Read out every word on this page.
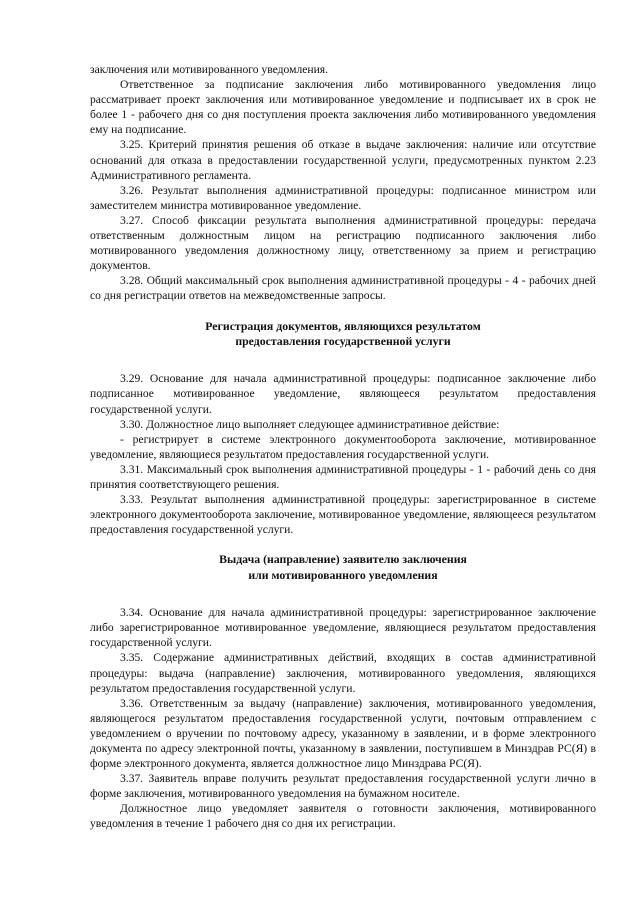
заключения или мотивированного уведомления.

Ответственное за подписание заключения либо мотивированного уведомления лицо рассматривает проект заключения или мотивированное уведомление и подписывает их в срок не более 1 - рабочего дня со дня поступления проекта заключения либо мотивированного уведомления ему на подписание.

3.25. Критерий принятия решения об отказе в выдаче заключения: наличие или отсутствие оснований для отказа в предоставлении государственной услуги, предусмотренных пунктом 2.23 Административного регламента.

3.26. Результат выполнения административной процедуры: подписанное министром или заместителем министра мотивированное уведомление.

3.27. Способ фиксации результата выполнения административной процедуры: передача ответственным должностным лицом на регистрацию подписанного заключения либо мотивированного уведомления должностному лицу, ответственному за прием и регистрацию документов.

3.28. Общий максимальный срок выполнения административной процедуры - 4 - рабочих дней со дня регистрации ответов на межведомственные запросы.

Регистрация документов, являющихся результатом

предоставления государственной услуги

3.29. Основание для начала административной процедуры: подписанное заключение либо подписанное мотивированное уведомление, являющееся результатом предоставления государственной услуги.

3.30. Должностное лицо выполняет следующее административное действие:

- регистрирует в системе электронного документооборота заключение, мотивированное уведомление, являющиеся результатом предоставления государственной услуги.

3.31. Максимальный срок выполнения административной процедуры - 1 - рабочий день со дня принятия соответствующего решения.

3.33. Результат выполнения административной процедуры: зарегистрированное в системе электронного документооборота заключение, мотивированное уведомление, являющееся результатом предоставления государственной услуги.

Выдача (направление) заявителю заключения

или мотивированного уведомления

3.34. Основание для начала административной процедуры: зарегистрированное заключение либо зарегистрированное мотивированное уведомление, являющиеся результатом предоставления государственной услуги.

3.35. Содержание административных действий, входящих в состав административной процедуры: выдача (направление) заключения, мотивированного уведомления, являющихся результатом предоставления государственной услуги.

3.36. Ответственным за выдачу (направление) заключения, мотивированного уведомления, являющегося результатом предоставления государственной услуги, почтовым отправлением с уведомлением о вручении по почтовому адресу, указанному в заявлении, и в форме электронного документа по адресу электронной почты, указанному в заявлении, поступившем в Минздрав РС(Я) в форме электронного документа, является должностное лицо Минздрава РС(Я).

3.37. Заявитель вправе получить результат предоставления государственной услуги лично в форме заключения, мотивированного уведомления на бумажном носителе.

Должностное лицо уведомляет заявителя о готовности заключения, мотивированного уведомления в течение 1 рабочего дня со дня их регистрации.
